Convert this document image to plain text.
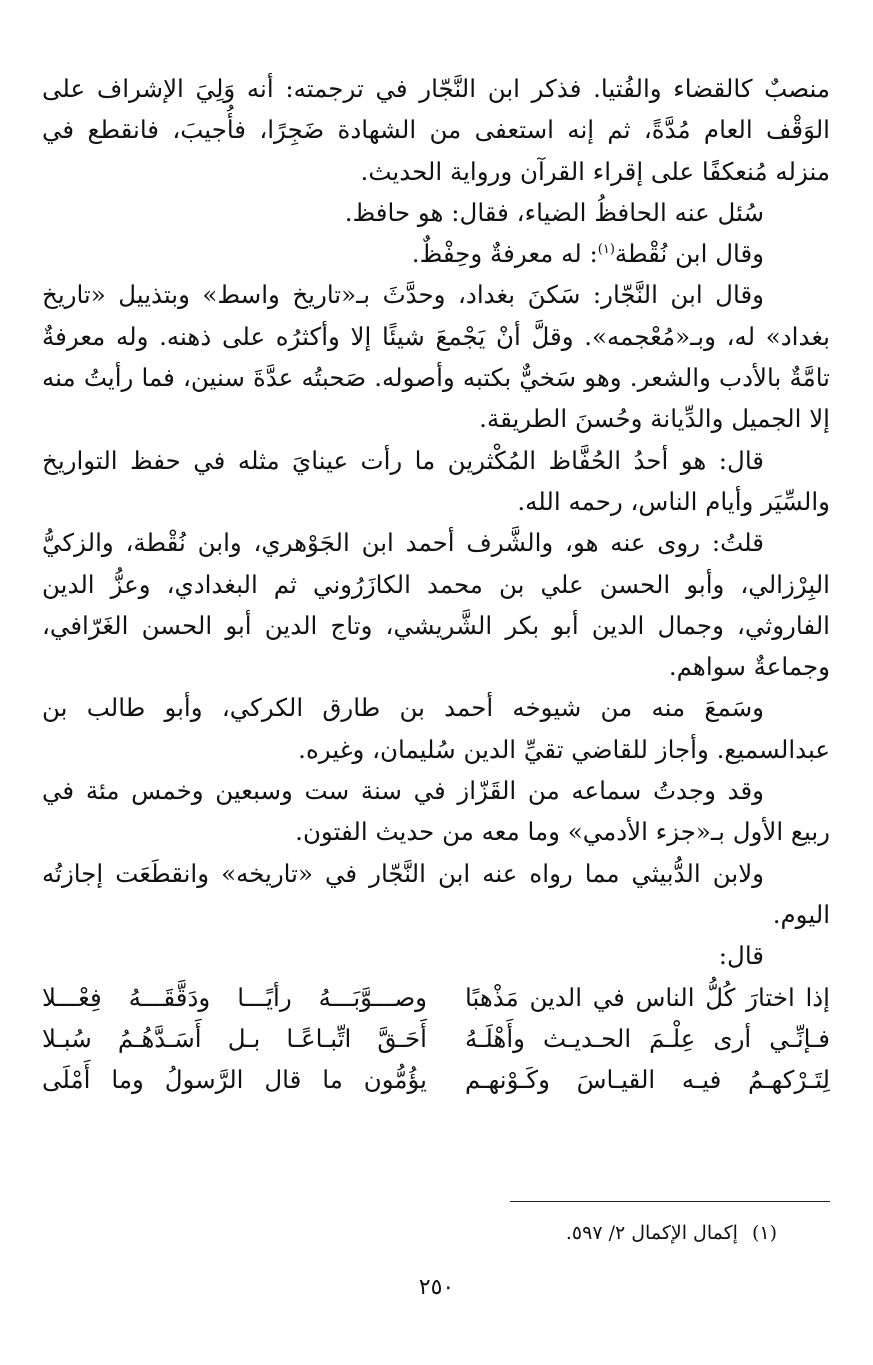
منصبٌ كالقضاء والفُتيا. فذكر ابن النَّجّار في ترجمته: أنه وَلِيَ الإشراف على الوَقْف العام مُدَّةً، ثم إنه استعفى من الشهادة ضَجِرًا، فأُجيبَ، فانقطع في منزله مُنعكفًا على إقراء القرآن ورواية الحديث.

سُئل عنه الحافظُ الضياء، فقال: هو حافظ.

وقال ابن نُقْطة$^{(١)}$: له معرفةٌ وحِفْظٌ.

وقال ابن النَّجّار: سَكنَ بغداد، وحدَّثَ بـ«تاريخ واسط» وبتذييل «تاريخ بغداد» له، وبـ«مُعْجمه». وقلَّ أنْ يَجْمعَ شيئًا إلا وأكثرُه على ذهنه. وله معرفةٌ تامَّةٌ بالأدب والشعر. وهو سَخيٌّ بكتبه وأصوله. صَحبتُه عدَّةَ سنين، فما رأيتُ منه إلا الجميل والدِّيانة وحُسنَ الطريقة.

قال: هو أحدُ الحُفَّاظ المُكْثرين ما رأت عينايَ مثله في حفظ التواريخ والسِّيَر وأيام الناس، رحمه الله.

قلتُ: روى عنه هو، والشَّرف أحمد ابن الجَوْهري، وابن نُقْطة، والزكيُّ البِرْزالي، وأبو الحسن علي بن محمد الكازَرُوني ثم البغدادي، وعزُّ الدين الفاروثي، وجمال الدين أبو بكر الشَّريشي، وتاج الدين أبو الحسن الغَرّافي، وجماعةٌ سواهم.

وسَمعَ منه من شيوخه أحمد بن طارق الكركي، وأبو طالب بن عبدالسميع. وأجاز للقاضي تقيِّ الدين سُليمان، وغيره.

وقد وجدتُ سماعه من القَزّاز في سنة ست وسبعين وخمس مئة في ربيع الأول بـ«جزء الأدمي» وما معه من حديث الفتون.

ولابن الدُّبيثي مما رواه عنه ابن النَّجّار في «تاريخه» وانقطَعَت إجازتُه اليوم.

قال:

إذا اختارَ كُلُّ الناس في الدين مَذْهبًا
وصـــوَّبَـــهُ رأيًـــا ودَقَّقَـــهُ فِعْـــلا
فـإنِّـي أرى عِلْـمَ الحـديـث وأَهْلَـهُ
أَحَـقَّ اتِّبـاعًـا بـل أَسَـدَّهُـمُ سُبـلا
لِتَـرْكهـمُ فيـه القيـاسَ وكَـوْنهـم
يؤُمُّون ما قال الرَّسولُ وما أَمْلَى
(١)إكمال الإكمال ٢/ ٥٩٧.
٢٥٠
